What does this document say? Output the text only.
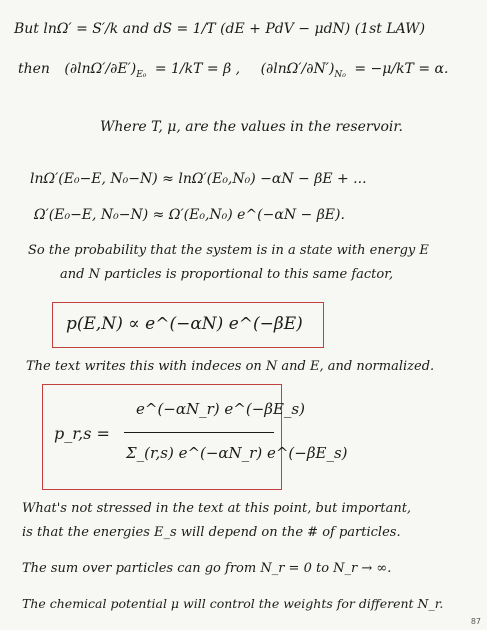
But lnΩ′ = S′/k and dS = 1/T (dE + PdV − μdN) (1st LAW)
then $(\partial\ln\Omega'/\partial E')_{E_0} = 1/kT = \beta$ , $(\partial\ln\Omega'/\partial N')_{N_0} = -\mu/kT = \alpha$.
Where T, μ, are the values in the reservoir.
lnΩ′(E₀−E, N₀−N) ≈ lnΩ′(E₀,N₀) −αN − βE + ...
Ω′(E₀−E, N₀−N) ≈ Ω′(E₀,N₀) e^(−αN − βE).
So the probability that the system is in a state with energy E
and N particles is proportional to this same factor,
p(E,N) ∝ e^(−αN) e^(−βE)
The text writes this with indeces on N and E, and normalized.
p_r,s =
e^(−αN_r) e^(−βE_s)
Σ_(r,s) e^(−αN_r) e^(−βE_s)
What's not stressed in the text at this point, but important,
is that the energies E_s will depend on the # of particles.
The sum over particles can go from N_r = 0 to N_r → ∞.
The chemical potential μ will control the weights for different N_r.
87
